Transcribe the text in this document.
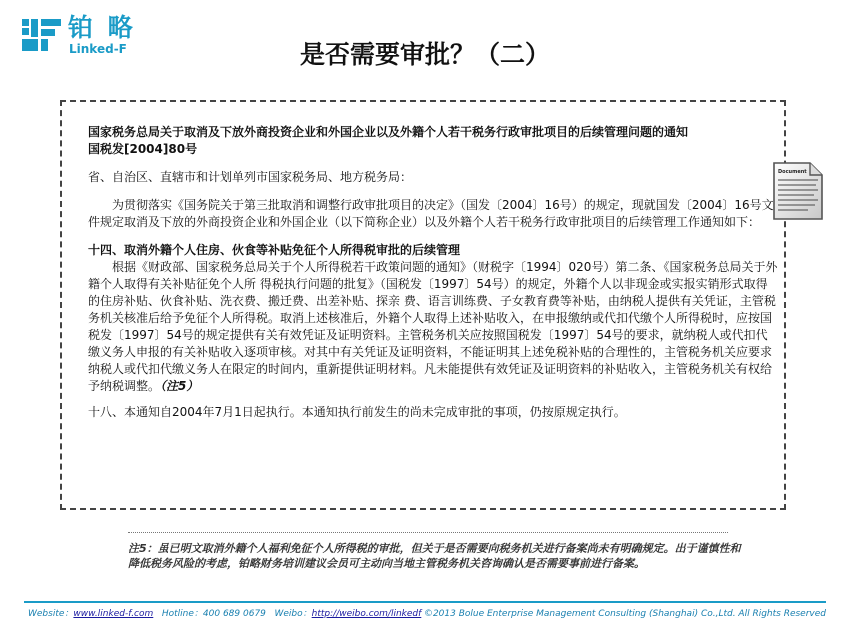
铂 略
Linked-F	是否需要审批？（二）
Document

国家税务总局关于取消及下放外商投资企业和外国企业以及外籍个人若干税务行政审批项目的后续管理问题的通知

国税发[2004]80号

省、自治区、直辖市和计划单列市国家税务局、地方税务局：

为贯彻落实《国务院关于第三批取消和调整行政审批项目的决定》（国发〔2004〕16号）的规定，现就国发〔2004〕16号文件规定取消及下放的外商投资企业和外国企业（以下简称企业）以及外籍个人若干税务行政审批项目的后续管理工作通知如下：

十四、取消外籍个人住房、伙食等补贴免征个人所得税审批的后续管理

根据《财政部、国家税务总局关于个人所得税若干政策问题的通知》（财税字〔1994〕020号）第二条、《国家税务总局关于外籍个人取得有关补贴征免个人所 得税执行问题的批复》（国税发〔1997〕54号）的规定，外籍个人以非现金或实报实销形式取得的住房补贴、伙食补贴、洗衣费、搬迁费、出差补贴、探亲 费、语言训练费、子女教育费等补贴，由纳税人提供有关凭证，主管税务机关核准后给予免征个人所得税。取消上述核准后，外籍个人取得上述补贴收入，在申报缴纳或代扣代缴个人所得税时，应按国税发〔1997〕54号的规定提供有关有效凭证及证明资料。主管税务机关应按照国税发〔1997〕54号的要求，就纳税人或代扣代缴义务人申报的有关补贴收入逐项审核。对其中有关凭证及证明资料，不能证明其上述免税补贴的合理性的，主管税务机关应要求纳税人或代扣代缴义务人在限定的时间内，重新提供证明材料。凡未能提供有效凭证及证明资料的补贴收入，主管税务机关有权给予纳税调整。（注5）

十八、本通知自2004年7月1日起执行。本通知执行前发生的尚未完成审批的事项，仍按原规定执行。

注5：虽已明文取消外籍个人福利免征个人所得税的审批，但关于是否需要向税务机关进行备案尚未有明确规定。出于谨慎性和降低税务风险的考虑，铂略财务培训建议会员可主动向当地主管税务机关咨询确认是否需要事前进行备案。
Website：www.linked-f.com Hotline：400 689 0679 Weibo：http://weibo.com/linkedf ©2013 Bolue Enterprise Management Consulting (Shanghai) Co.,Ltd. All Rights Reserved
